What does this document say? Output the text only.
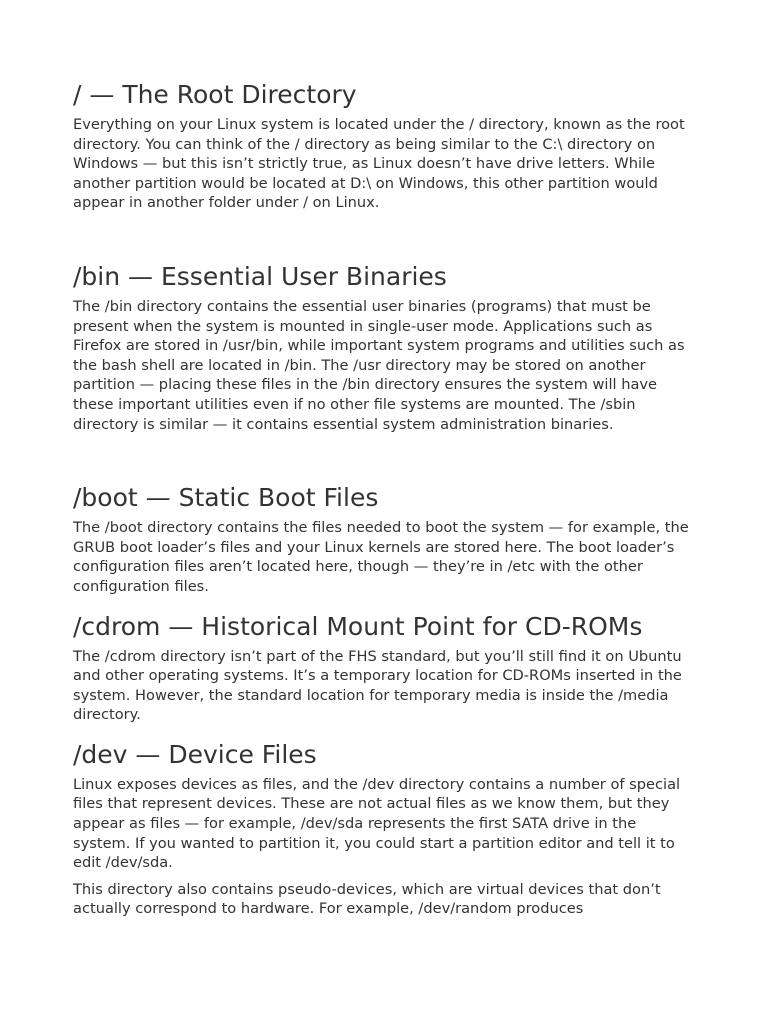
/ — The Root Directory

Everything on your Linux system is located under the / directory, known as the root directory. You can think of the / directory as being similar to the C:\ directory on Windows — but this isn’t strictly true, as Linux doesn’t have drive letters. While another partition would be located at D:\ on Windows, this other partition would appear in another folder under / on Linux.

/bin — Essential User Binaries

The /bin directory contains the essential user binaries (programs) that must be present when the system is mounted in single-user mode. Applications such as Firefox are stored in /usr/bin, while important system programs and utilities such as the bash shell are located in /bin. The /usr directory may be stored on another partition — placing these files in the /bin directory ensures the system will have these important utilities even if no other file systems are mounted. The /sbin directory is similar — it contains essential system administration binaries.

/boot — Static Boot Files

The /boot directory contains the files needed to boot the system — for example, the GRUB boot loader’s files and your Linux kernels are stored here. The boot loader’s configuration files aren’t located here, though — they’re in /etc with the other configuration files.

/cdrom — Historical Mount Point for CD-ROMs

The /cdrom directory isn’t part of the FHS standard, but you’ll still find it on Ubuntu and other operating systems. It’s a temporary location for CD-ROMs inserted in the system. However, the standard location for temporary media is inside the /media directory.

/dev — Device Files

Linux exposes devices as files, and the /dev directory contains a number of special files that represent devices. These are not actual files as we know them, but they appear as files — for example, /dev/sda represents the first SATA drive in the system. If you wanted to partition it, you could start a partition editor and tell it to edit /dev/sda.

This directory also contains pseudo-devices, which are virtual devices that don’t actually correspond to hardware. For example, /dev/random produces
